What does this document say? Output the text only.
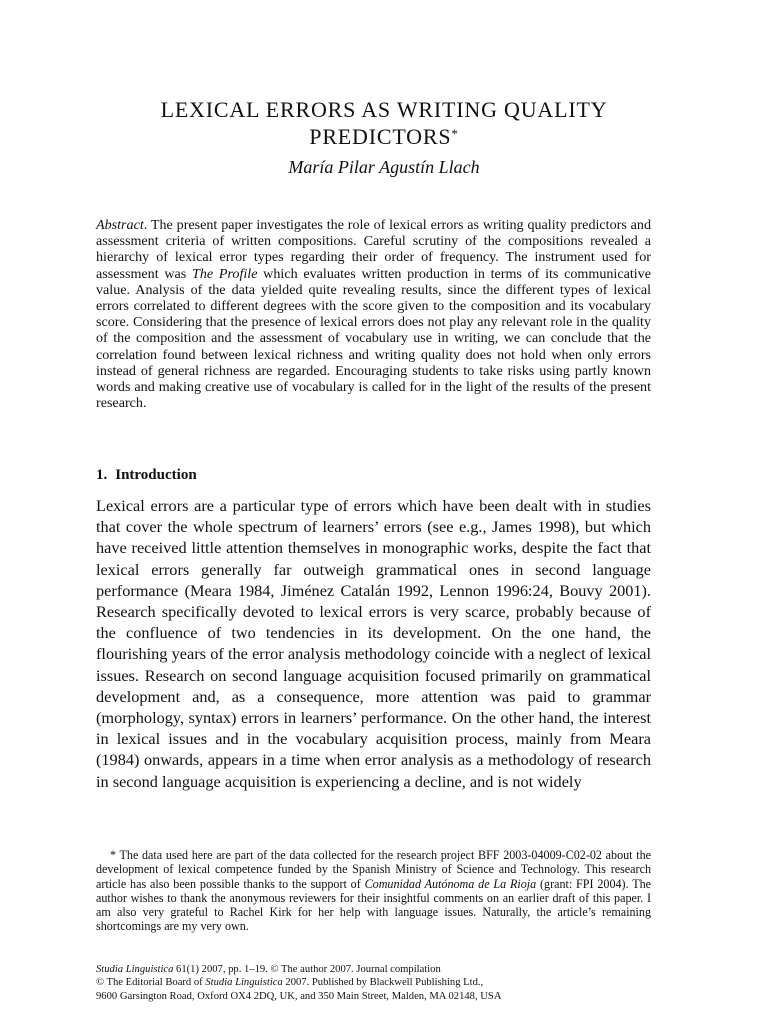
LEXICAL ERRORS AS WRITING QUALITY PREDICTORS*

María Pilar Agustín Llach

Abstract. The present paper investigates the role of lexical errors as writing quality predictors and assessment criteria of written compositions. Careful scrutiny of the compositions revealed a hierarchy of lexical error types regarding their order of frequency. The instrument used for assessment was The Profile which evaluates written production in terms of its communicative value. Analysis of the data yielded quite revealing results, since the different types of lexical errors correlated to different degrees with the score given to the composition and its vocabulary score. Considering that the presence of lexical errors does not play any relevant role in the quality of the composition and the assessment of vocabulary use in writing, we can conclude that the correlation found between lexical richness and writing quality does not hold when only errors instead of general richness are regarded. Encouraging students to take risks using partly known words and making creative use of vocabulary is called for in the light of the results of the present research.

1. Introduction

Lexical errors are a particular type of errors which have been dealt with in studies that cover the whole spectrum of learners’ errors (see e.g., James 1998), but which have received little attention themselves in monographic works, despite the fact that lexical errors generally far outweigh grammatical ones in second language performance (Meara 1984, Jiménez Catalán 1992, Lennon 1996:24, Bouvy 2001). Research specifically devoted to lexical errors is very scarce, probably because of the confluence of two tendencies in its development. On the one hand, the flourishing years of the error analysis methodology coincide with a neglect of lexical issues. Research on second language acquisition focused primarily on grammatical development and, as a consequence, more attention was paid to grammar (morphology, syntax) errors in learners’ performance. On the other hand, the interest in lexical issues and in the vocabulary acquisition process, mainly from Meara (1984) onwards, appears in a time when error analysis as a methodology of research in second language acquisition is experiencing a decline, and is not widely

* The data used here are part of the data collected for the research project BFF 2003-04009-C02-02 about the development of lexical competence funded by the Spanish Ministry of Science and Technology. This research article has also been possible thanks to the support of Comunidad Autónoma de La Rioja (grant: FPI 2004). The author wishes to thank the anonymous reviewers for their insightful comments on an earlier draft of this paper. I am also very grateful to Rachel Kirk for her help with language issues. Naturally, the article’s remaining shortcomings are my very own.

Studia Linguistica 61(1) 2007, pp. 1–19. © The author 2007. Journal compilation
© The Editorial Board of Studia Linguistica 2007. Published by Blackwell Publishing Ltd.,
9600 Garsington Road, Oxford OX4 2DQ, UK, and 350 Main Street, Malden, MA 02148, USA
